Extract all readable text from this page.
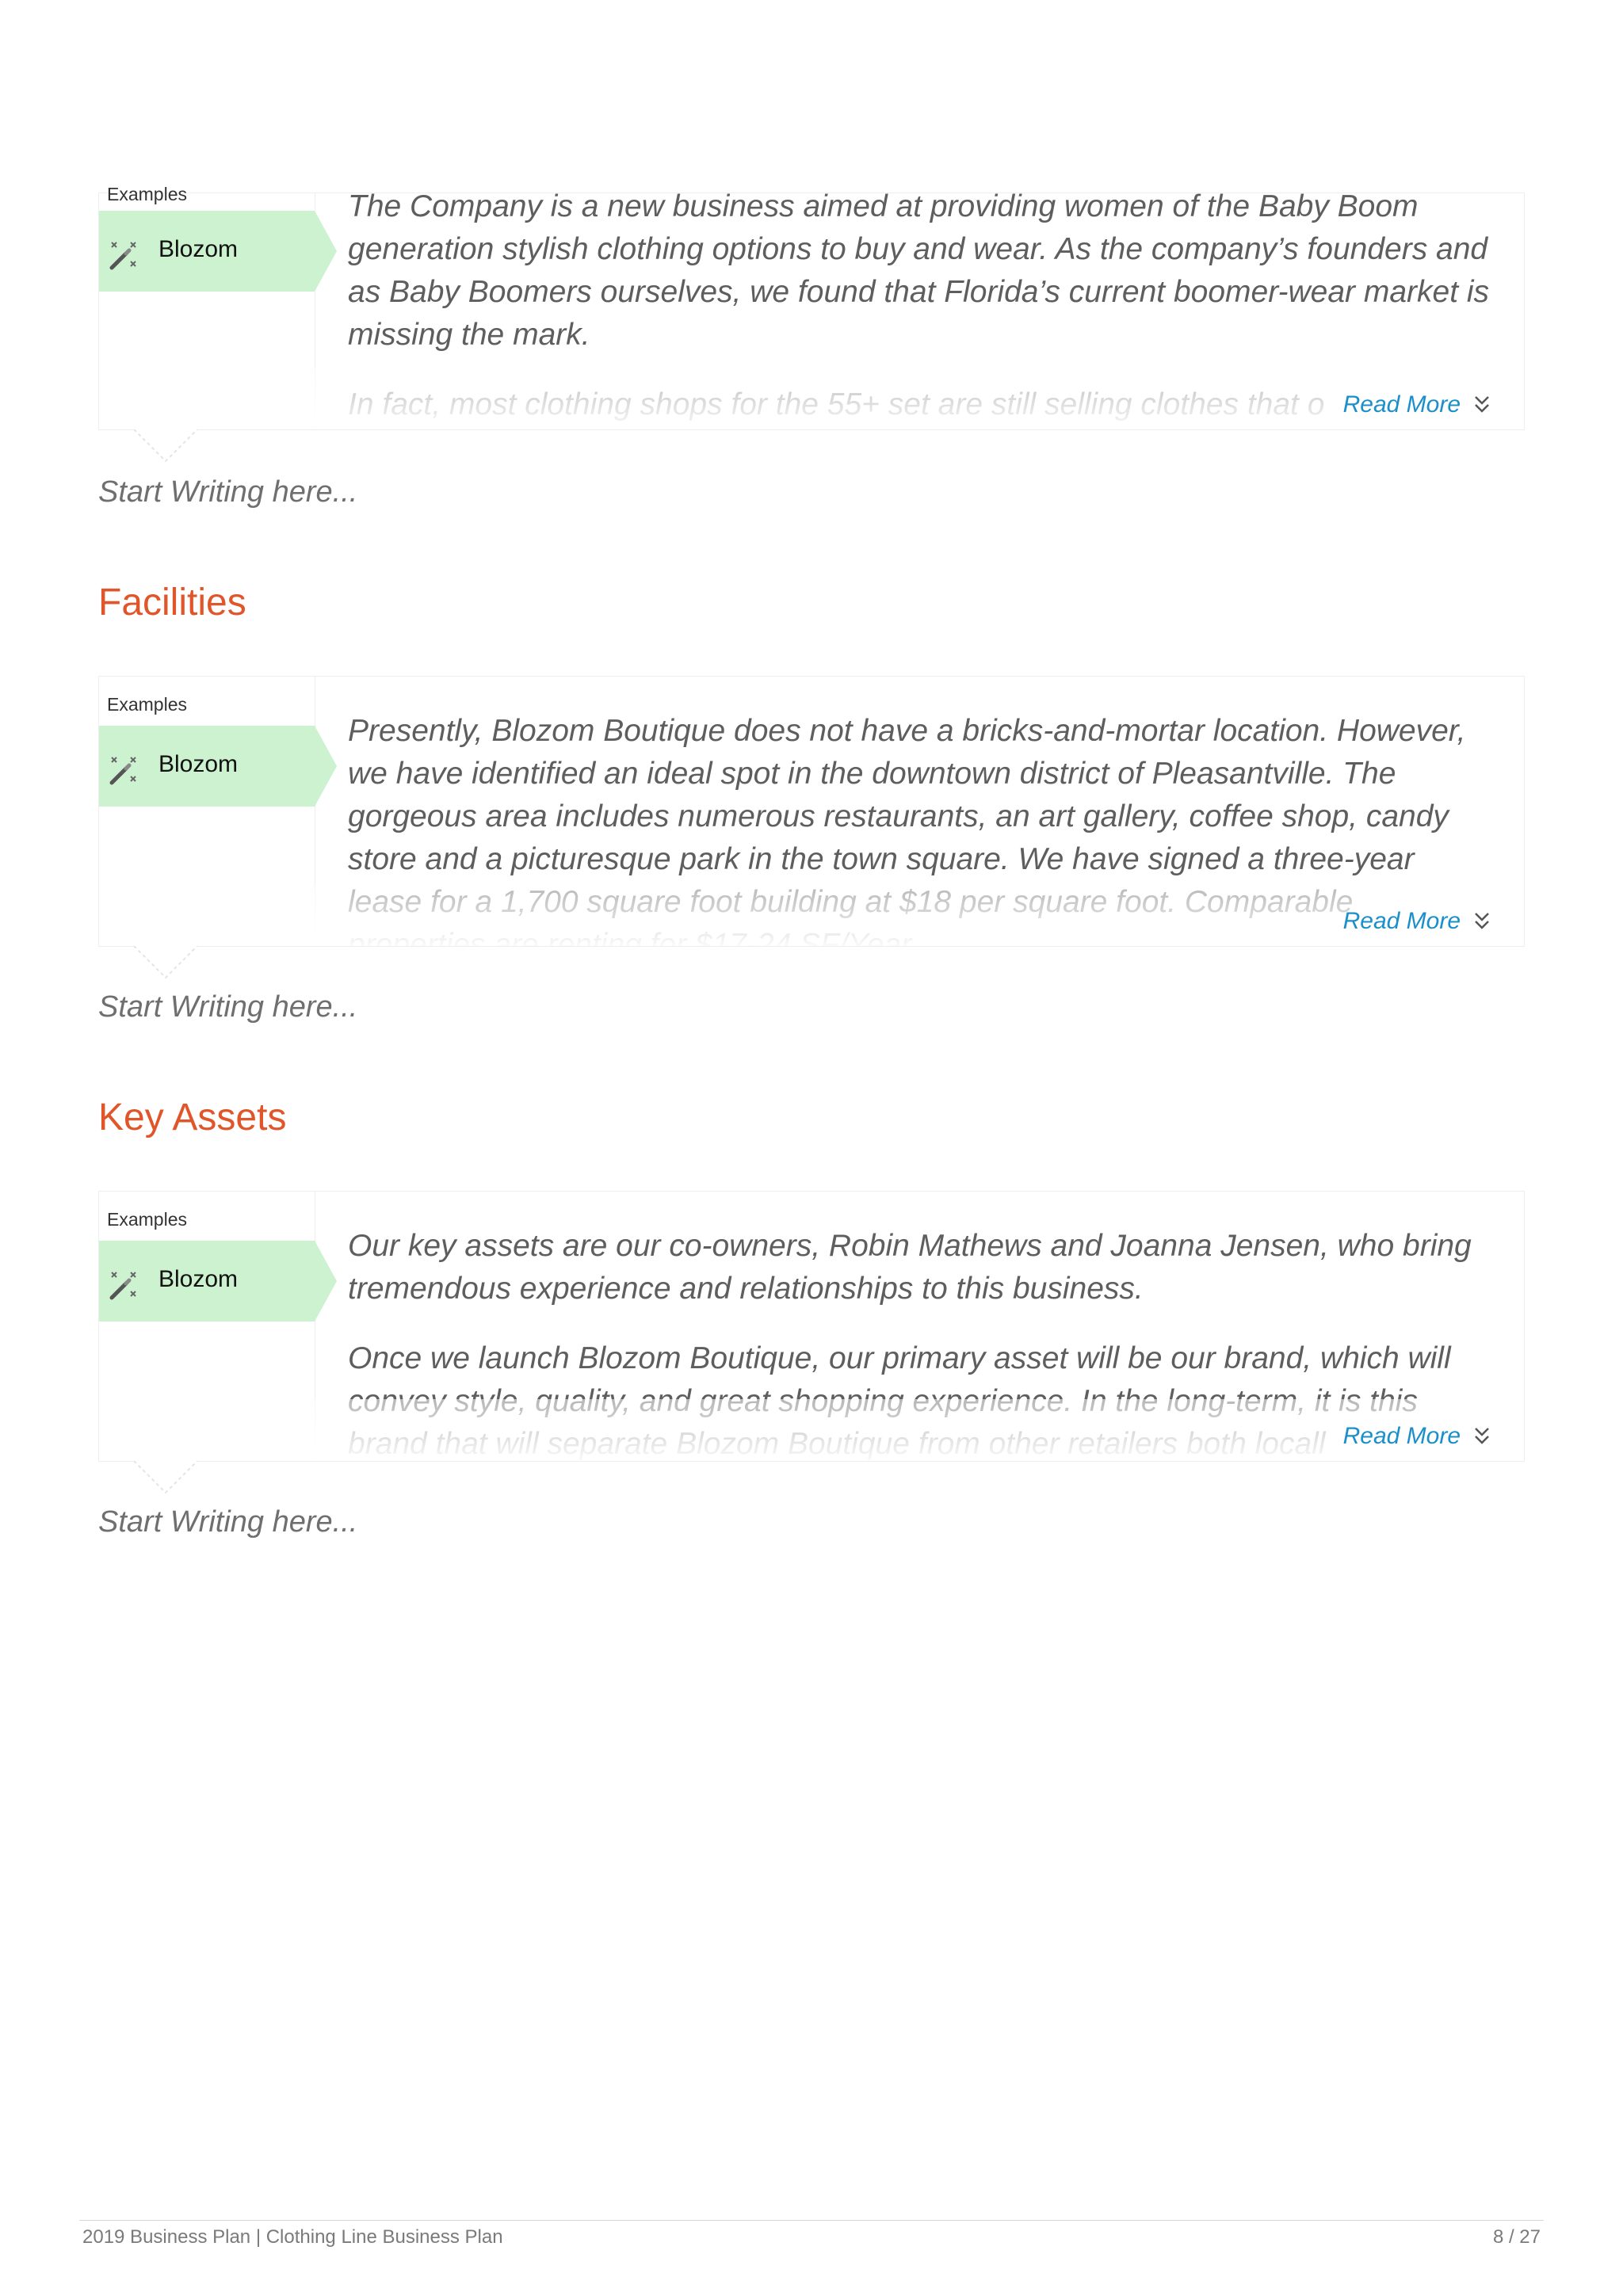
Examples
Blozom

The Company is a new business aimed at providing women of the Baby Boom generation stylish clothing options to buy and wear. As the company’s founders and as Baby Boomers ourselves, we found that Florida’s current boomer-wear market is missing the mark.

Read More
Start Writing here...
Facilities
Examples
Blozom

Presently, Blozom Boutique does not have a bricks-and-mortar location. However, we have identified an ideal spot in the downtown district of Pleasantville. The gorgeous area includes numerous restaurants, an art gallery, coffee shop, candy store and a picturesque park in the town square. We have signed a three-year

Read More
Start Writing here...
Key Assets
Examples
Blozom

Our key assets are our co-owners, Robin Mathews and Joanna Jensen, who bring tremendous experience and relationships to this business.

Once we launch Blozom Boutique, our primary asset will be our brand, which will

Read More
Start Writing here...
2019 Business Plan | Clothing Line Business Plan	8 / 27
